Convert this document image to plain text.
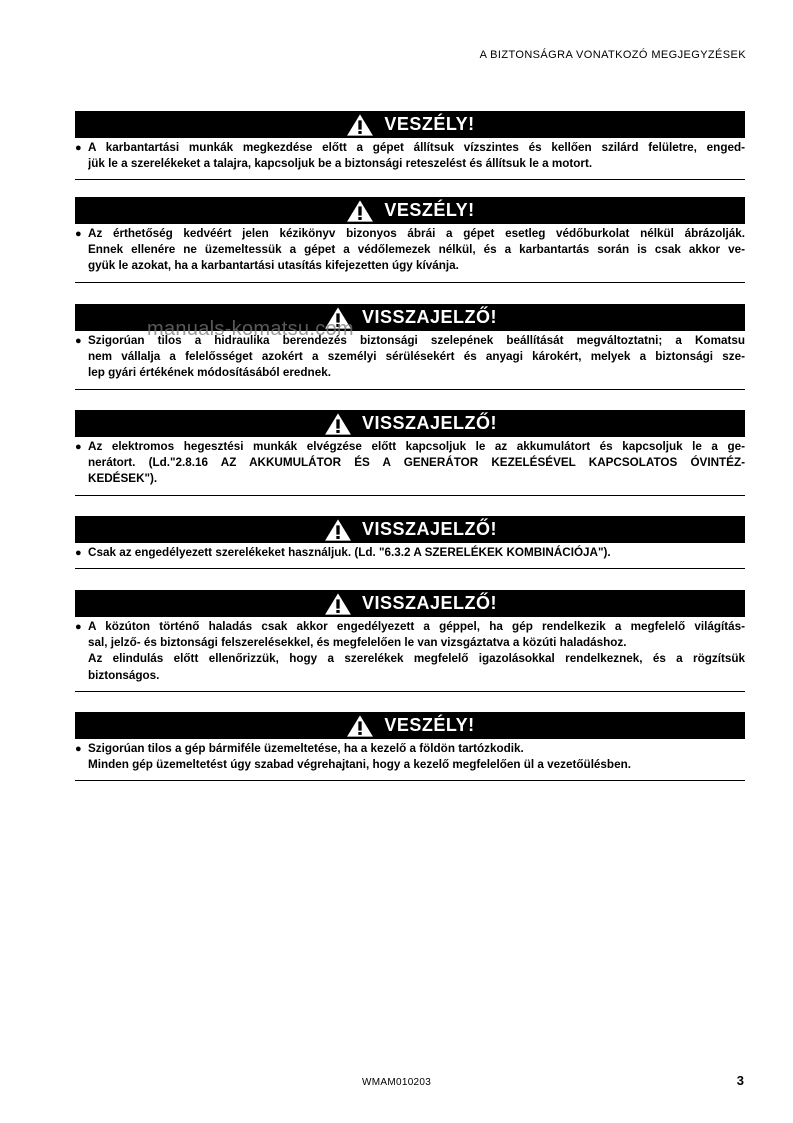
A BIZTONSÁGRA VONATKOZÓ MEGJEGYZÉSEK
VESZÉLY!
● A karbantartási munkák megkezdése előtt a gépet állítsuk vízszintes és kellően szilárd felületre, enged-
jük le a szerelékeket a talajra, kapcsoljuk be a biztonsági reteszelést és állítsuk le a motort.
VESZÉLY!
● Az érthetőség kedvéért jelen kézikönyv bizonyos ábrái a gépet esetleg védőburkolat nélkül ábrázolják.
Ennek ellenére ne üzemeltessük a gépet a védőlemezek nélkül, és a karbantartás során is csak akkor ve-
gyük le azokat, ha a karbantartási utasítás kifejezetten úgy kívánja.
VISSZAJELZŐ!
● Szigorúan tilos a hidraulika berendezés biztonsági szelepének beállítását megváltoztatni; a Komatsu
nem vállalja a felelősséget azokért a személyi sérülésekért és anyagi károkért, melyek a biztonsági sze-
lep gyári értékének módosításából erednek.
VISSZAJELZŐ!
● Az elektromos hegesztési munkák elvégzése előtt kapcsoljuk le az akkumulátort és kapcsoljuk le a ge-
nerátort. (Ld."2.8.16 AZ AKKUMULÁTOR ÉS A GENERÁTOR KEZELÉSÉVEL KAPCSOLATOS ÓVINTÉZ-
KEDÉSEK").
VISSZAJELZŐ!
● Csak az engedélyezett szerelékeket használjuk. (Ld. "6.3.2 A SZERELÉKEK KOMBINÁCIÓJA").
VISSZAJELZŐ!
● A közúton történő haladás csak akkor engedélyezett a géppel, ha gép rendelkezik a megfelelő világítás-
sal, jelző- és biztonsági felszerelésekkel, és megfelelően le van vizsgáztatva a közúti haladáshoz.
Az elindulás előtt ellenőrizzük, hogy a szerelékek megfelelő igazolásokkal rendelkeznek, és a rögzítsük
biztonságos.
VESZÉLY!
● Szigorúan tilos a gép bármiféle üzemeltetése, ha a kezelő a földön tartózkodik.
Minden gép üzemeltetést úgy szabad végrehajtani, hogy a kezelő megfelelően ül a vezetőülésben.
manuals-komatsu.com
WMAM010203	3
